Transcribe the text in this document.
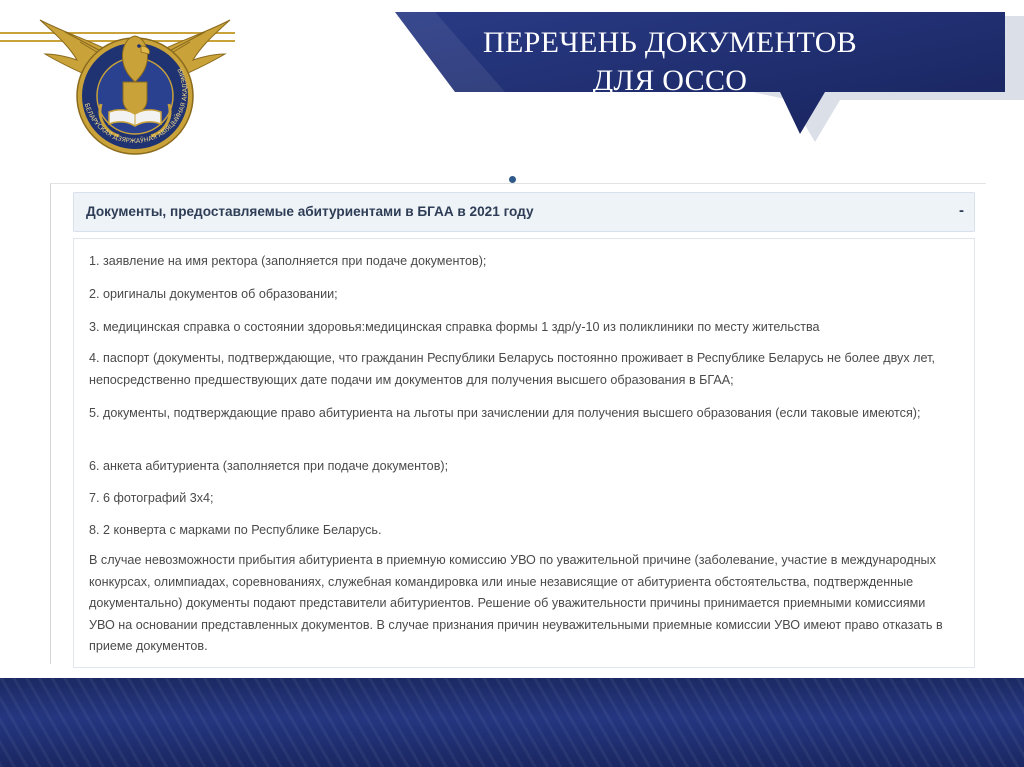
БЕЛАРУСКАЯ ДЗЯРЖАЎНАЯ АВІЯЦЫЙНАЯ АКАДЭМІЯ
ПЕРЕЧЕНЬ ДОКУМЕНТОВ
ДЛЯ ОССО
Документы, предоставляемые абитуриентами в БГАА в 2021 году	-
1. заявление на имя ректора (заполняется при подаче документов);
2. оригиналы документов об образовании;
3. медицинская справка о состоянии здоровья:медицинская справка формы 1 здр/у-10 из поликлиники по месту жительства
4. паспорт (документы, подтверждающие, что гражданин Республики Беларусь постоянно проживает в Республике Беларусь не более двух лет, непосредственно предшествующих дате подачи им документов для получения высшего образования в БГАА;
5. документы, подтверждающие право абитуриента на льготы при зачислении для получения высшего образования (если таковые имеются);
6. анкета абитуриента (заполняется при подаче документов);
7. 6 фотографий 3х4;
8. 2 конверта с марками по Республике Беларусь.

В случае невозможности прибытия абитуриента в приемную комиссию УВО по уважительной причине (заболевание, участие в международных конкурсах, олимпиадах, соревнованиях, служебная командировка или иные независящие от абитуриента обстоятельства, подтвержденные документально) документы подают представители абитуриентов. Решение об уважительности причины принимается приемными комиссиями УВО на основании представленных документов. В случае признания причин неуважительными приемные комиссии УВО имеют право отказать в приеме документов.
